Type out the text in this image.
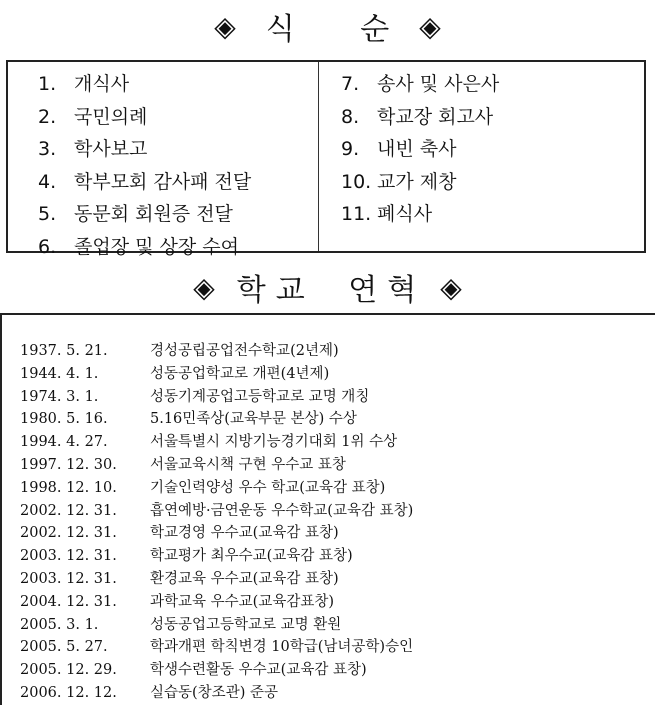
◈ 식 순 ◈
1. 개식사
2. 국민의례
3. 학사보고
4. 학부모회 감사패 전달
5. 동문회 회원증 전달
6. 졸업장 및 상장 수여
7. 송사 및 사은사
8. 학교장 회고사
9. 내빈 축사
10. 교가 제창
11. 폐식사
◈ 학교 연혁 ◈
1937. 5. 21.	경성공립공업전수학교(2년제)
1944. 4. 1.	성동공업학교로 개편(4년제)
1974. 3. 1.	성동기계공업고등학교로 교명 개칭
1980. 5. 16.	5.16민족상(교육부문 본상) 수상
1994. 4. 27.	서울특별시 지방기능경기대회 1위 수상
1997. 12. 30. 서울교육시책 구현 우수교 표창
1998. 12. 10. 기술인력양성 우수 학교(교육감 표창)
2002. 12. 31. 흡연예방·금연운동 우수학교(교육감 표창)
2002. 12. 31. 학교경영 우수교(교육감 표창)
2003. 12. 31. 학교평가 최우수교(교육감 표창)
2003. 12. 31. 환경교육 우수교(교육감 표창)
2004. 12. 31. 과학교육 우수교(교육감표창)
2005. 3. 1.	성동공업고등학교로 교명 환원
2005. 5. 27.	학과개편 학칙변경 10학급(남녀공학)승인
2005. 12. 29. 학생수련활동 우수교(교육감 표창)
2006. 12. 12. 실습동(창조관) 준공
